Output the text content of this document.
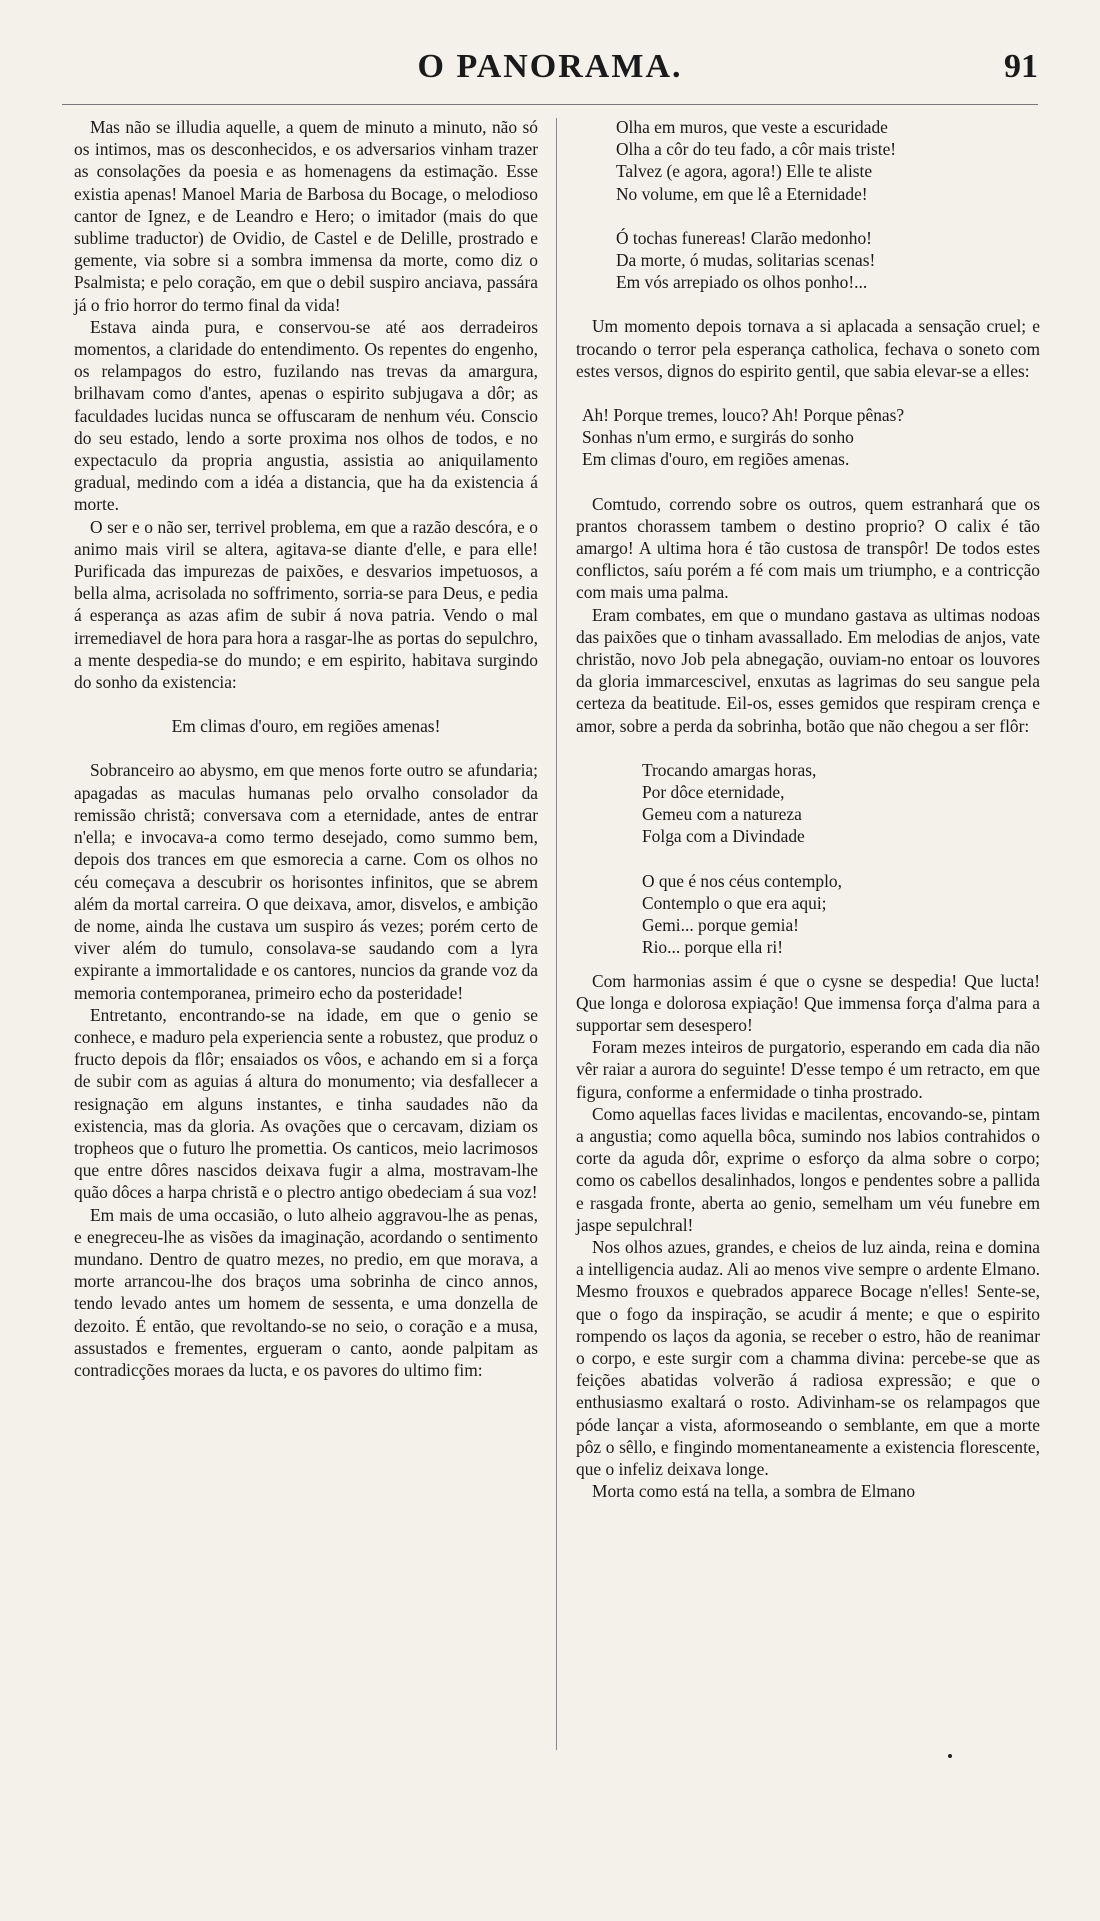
O PANORAMA.	91

Mas não se illudia aquelle, a quem de minuto a minuto, não só os intimos, mas os desconhecidos, e os adversarios vinham trazer as consolações da poesia e as homenagens da estimação. Esse existia apenas! Manoel Maria de Barbosa du Bocage, o melodioso cantor de Ignez, e de Leandro e Hero; o imitador (mais do que sublime traductor) de Ovidio, de Castel e de Delille, prostrado e gemente, via sobre si a sombra immensa da morte, como diz o Psalmista; e pelo coração, em que o debil suspiro anciava, passára já o frio horror do termo final da vida!

Estava ainda pura, e conservou-se até aos derradeiros momentos, a claridade do entendimento. Os repentes do engenho, os relampagos do estro, fuzilando nas trevas da amargura, brilhavam como d'antes, apenas o espirito subjugava a dôr; as faculdades lucidas nunca se offuscaram de nenhum véu. Conscio do seu estado, lendo a sorte proxima nos olhos de todos, e no expectaculo da propria angustia, assistia ao aniquilamento gradual, medindo com a idéa a distancia, que ha da existencia á morte.

O ser e o não ser, terrivel problema, em que a razão descóra, e o animo mais viril se altera, agitava-se diante d'elle, e para elle! Purificada das impurezas de paixões, e desvarios impetuosos, a bella alma, acrisolada no soffrimento, sorria-se para Deus, e pedia á esperança as azas afim de subir á nova patria. Vendo o mal irremediavel de hora para hora a rasgar-lhe as portas do sepulchro, a mente despedia-se do mundo; e em espirito, habitava surgindo do sonho da existencia:

Em climas d'ouro, em regiões amenas!

Sobranceiro ao abysmo, em que menos forte outro se afundaria; apagadas as maculas humanas pelo orvalho consolador da remissão christã; conversava com a eternidade, antes de entrar n'ella; e invocava-a como termo desejado, como summo bem, depois dos trances em que esmorecia a carne. Com os olhos no céu começava a descubrir os horisontes infinitos, que se abrem além da mortal carreira. O que deixava, amor, disvelos, e ambição de nome, ainda lhe custava um suspiro ás vezes; porém certo de viver além do tumulo, consolava-se saudando com a lyra expirante a immortalidade e os cantores, nuncios da grande voz da memoria contemporanea, primeiro echo da posteridade!

Entretanto, encontrando-se na idade, em que o genio se conhece, e maduro pela experiencia sente a robustez, que produz o fructo depois da flôr; ensaiados os vôos, e achando em si a força de subir com as aguias á altura do monumento; via desfallecer a resignação em alguns instantes, e tinha saudades não da existencia, mas da gloria. As ovações que o cercavam, diziam os tropheos que o futuro lhe promettia. Os canticos, meio lacrimosos que entre dôres nascidos deixava fugir a alma, mostravam-lhe quão dôces a harpa christã e o plectro antigo obedeciam á sua voz!

Em mais de uma occasião, o luto alheio aggravou-lhe as penas, e enegreceu-lhe as visões da imaginação, acordando o sentimento mundano. Dentro de quatro mezes, no predio, em que morava, a morte arrancou-lhe dos braços uma sobrinha de cinco annos, tendo levado antes um homem de sessenta, e uma donzella de dezoito. É então, que revoltando-se no seio, o coração e a musa, assustados e frementes, ergueram o canto, aonde palpitam as contradicções moraes da lucta, e os pavores do ultimo fim:

Olha em muros, que veste a escuridade

Olha a côr do teu fado, a côr mais triste!

Talvez (e agora, agora!) Elle te aliste

No volume, em que lê a Eternidade!

Ó tochas funereas! Clarão medonho!

Da morte, ó mudas, solitarias scenas!

Em vós arrepiado os olhos ponho!...

Um momento depois tornava a si aplacada a sensação cruel; e trocando o terror pela esperança catholica, fechava o soneto com estes versos, dignos do espirito gentil, que sabia elevar-se a elles:

Ah! Porque tremes, louco? Ah! Porque pênas?

Sonhas n'um ermo, e surgirás do sonho

Em climas d'ouro, em regiões amenas.

Comtudo, correndo sobre os outros, quem estranhará que os prantos chorassem tambem o destino proprio? O calix é tão amargo! A ultima hora é tão custosa de transpôr! De todos estes conflictos, saíu porém a fé com mais um triumpho, e a contricção com mais uma palma.

Eram combates, em que o mundano gastava as ultimas nodoas das paixões que o tinham avassallado. Em melodias de anjos, vate christão, novo Job pela abnegação, ouviam-no entoar os louvores da gloria immarcescivel, enxutas as lagrimas do seu sangue pela certeza da beatitude. Eil-os, esses gemidos que respiram crença e amor, sobre a perda da sobrinha, botão que não chegou a ser flôr:

Trocando amargas horas,

Por dôce eternidade,

Gemeu com a natureza

Folga com a Divindade

O que é nos céus contemplo,

Contemplo o que era aqui;

Gemi... porque gemia!

Rio... porque ella ri!

Com harmonias assim é que o cysne se despedia! Que lucta! Que longa e dolorosa expiação! Que immensa força d'alma para a supportar sem desespero!

Foram mezes inteiros de purgatorio, esperando em cada dia não vêr raiar a aurora do seguinte! D'esse tempo é um retracto, em que figura, conforme a enfermidade o tinha prostrado.

Como aquellas faces lividas e macilentas, encovando-se, pintam a angustia; como aquella bôca, sumindo nos labios contrahidos o corte da aguda dôr, exprime o esforço da alma sobre o corpo; como os cabellos desalinhados, longos e pendentes sobre a pallida e rasgada fronte, aberta ao genio, semelham um véu funebre em jaspe sepulchral!

Nos olhos azues, grandes, e cheios de luz ainda, reina e domina a intelligencia audaz. Ali ao menos vive sempre o ardente Elmano. Mesmo frouxos e quebrados apparece Bocage n'elles! Sente-se, que o fogo da inspiração, se acudir á mente; e que o espirito rompendo os laços da agonia, se receber o estro, hão de reanimar o corpo, e este surgir com a chamma divina: percebe-se que as feições abatidas volverão á radiosa expressão; e que o enthusiasmo exaltará o rosto. Adivinham-se os relampagos que póde lançar a vista, aformoseando o semblante, em que a morte pôz o sêllo, e fingindo momentaneamente a existencia florescente, que o infeliz deixava longe.

Morta como está na tella, a sombra de Elmano
